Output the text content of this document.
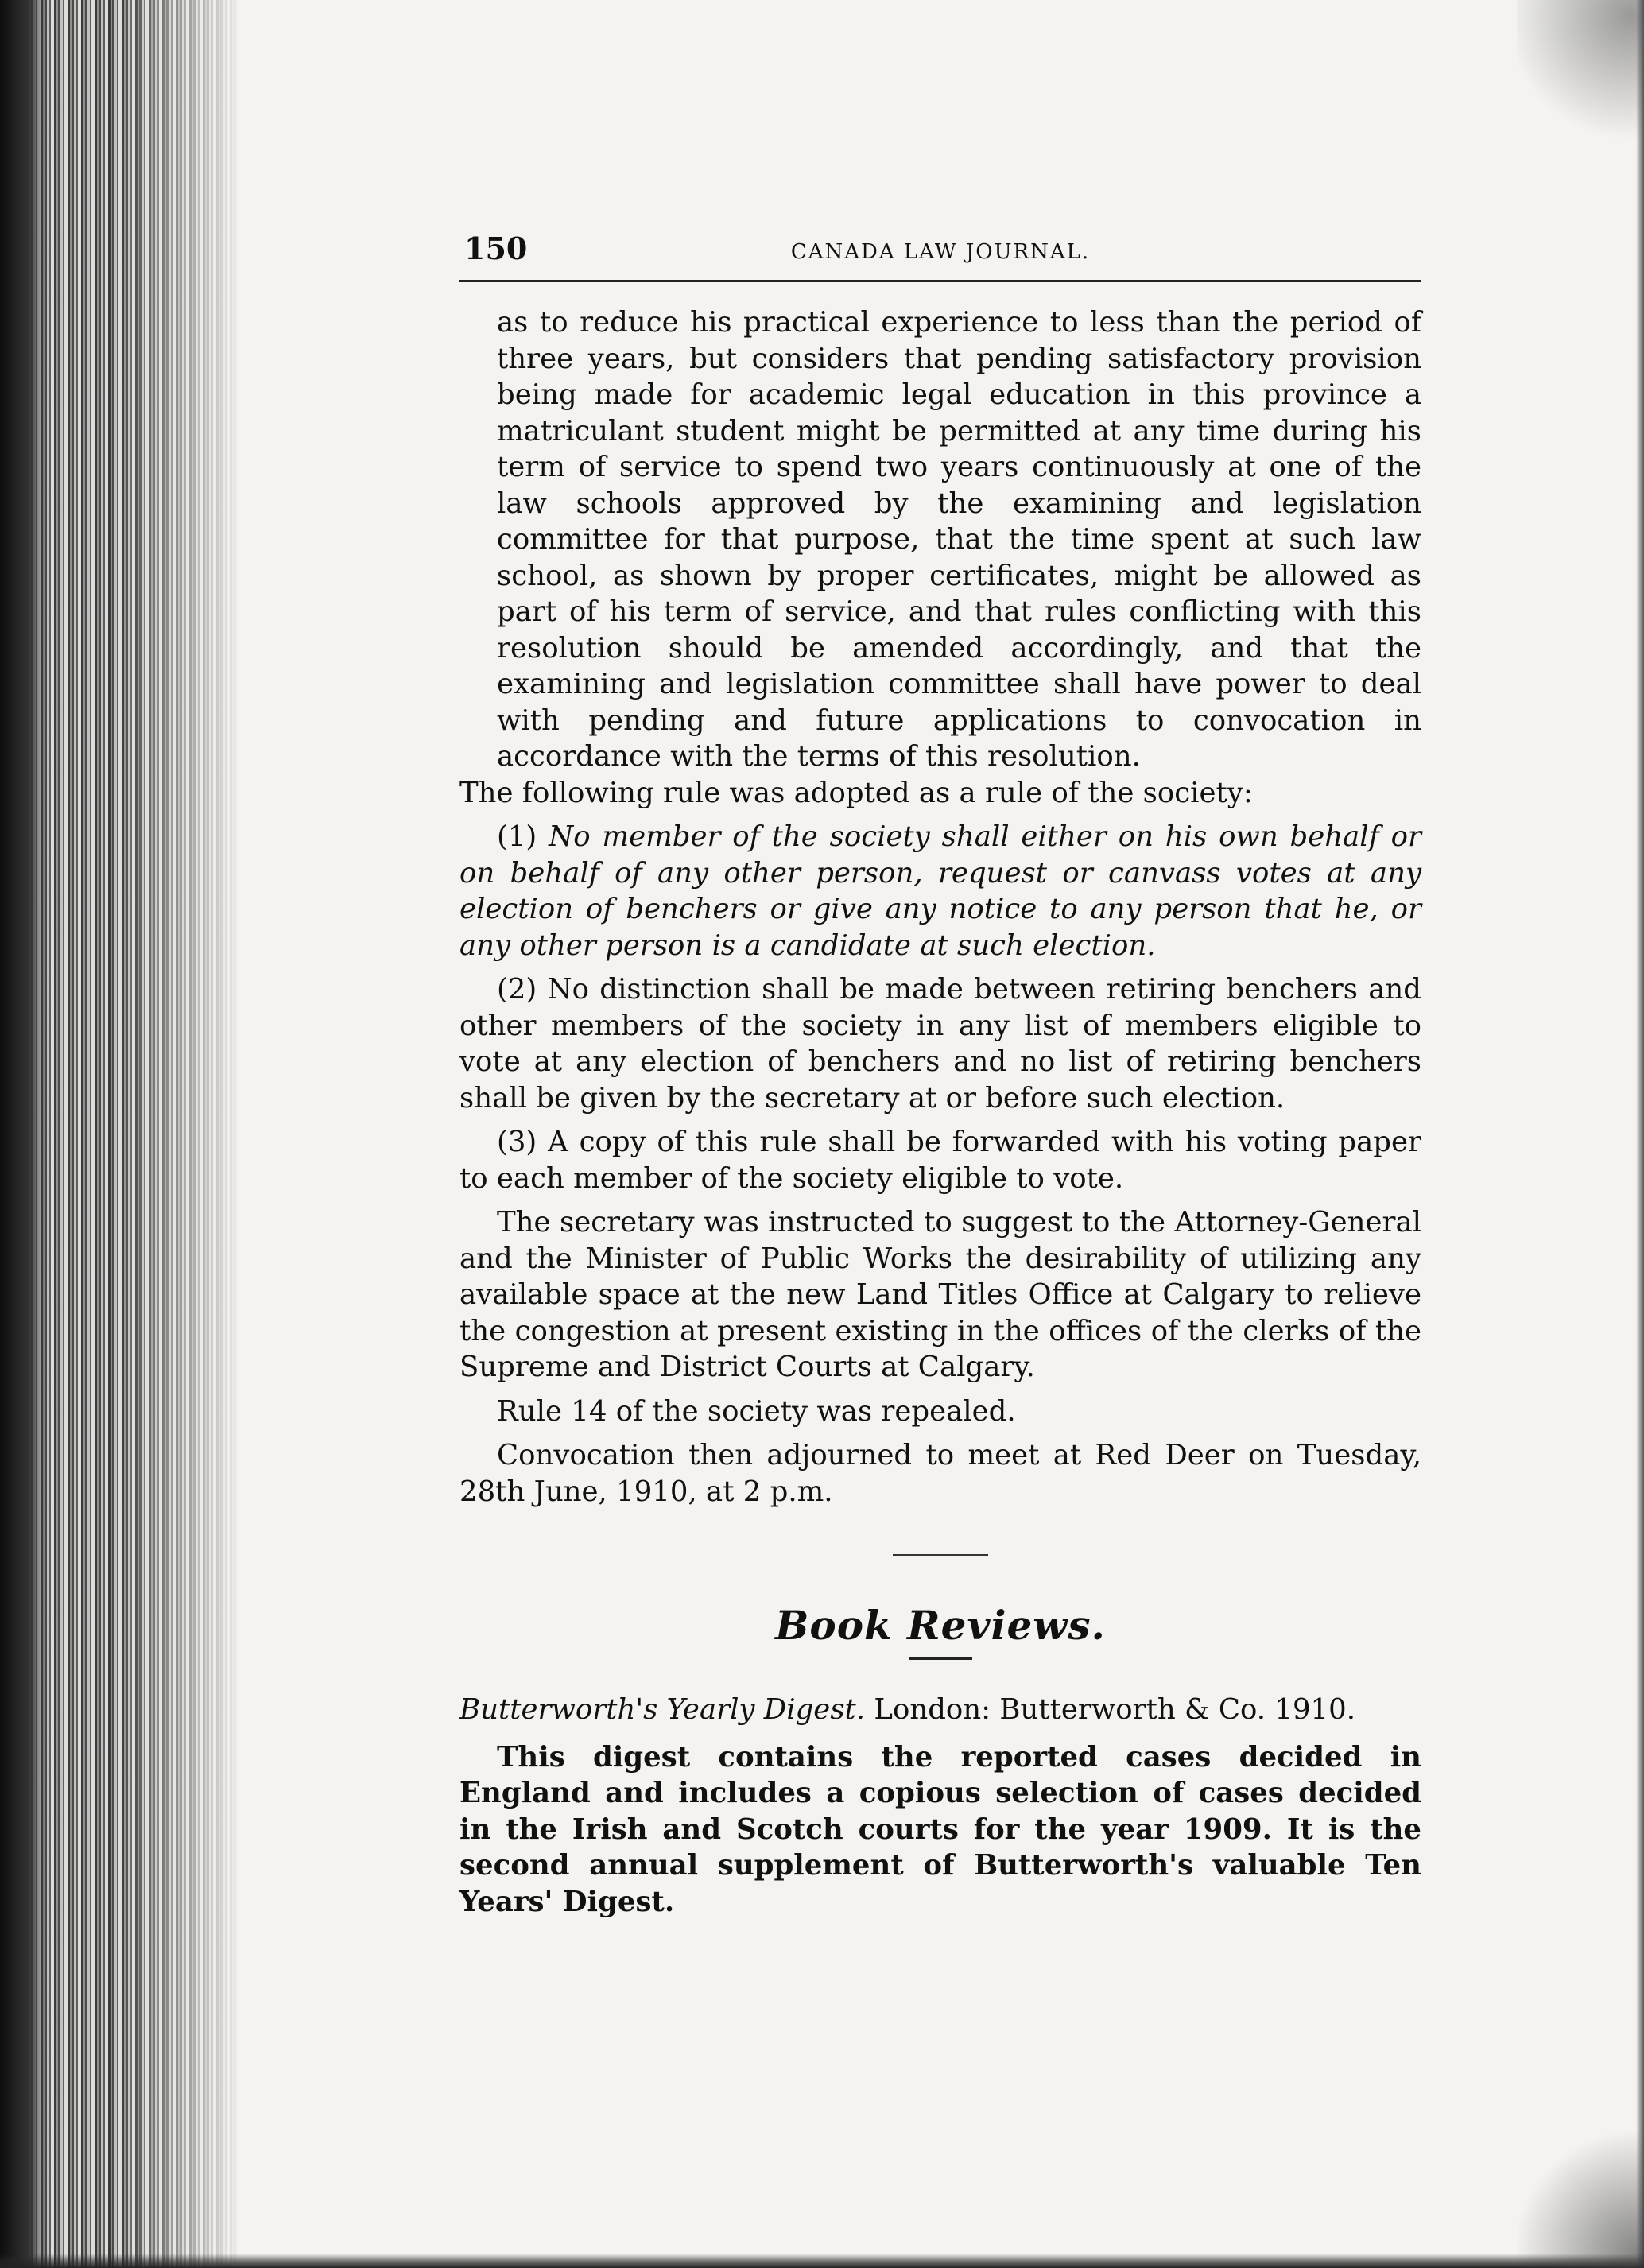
150	CANADA LAW JOURNAL.

as to reduce his practical experience to less than the period of three years, but considers that pending satisfactory provision being made for academic legal education in this province a matriculant student might be permitted at any time during his term of service to spend two years continuously at one of the law schools approved by the examining and legislation committee for that purpose, that the time spent at such law school, as shown by proper certificates, might be allowed as part of his term of service, and that rules conflicting with this resolution should be amended accordingly, and that the examining and legislation committee shall have power to deal with pending and future applications to convocation in accordance with the terms of this resolution.

The following rule was adopted as a rule of the society:

(1) No member of the society shall either on his own behalf or on behalf of any other person, request or canvass votes at any election of benchers or give any notice to any person that he, or any other person is a candidate at such election.

(2) No distinction shall be made between retiring benchers and other members of the society in any list of members eligible to vote at any election of benchers and no list of retiring benchers shall be given by the secretary at or before such election.

(3) A copy of this rule shall be forwarded with his voting paper to each member of the society eligible to vote.

The secretary was instructed to suggest to the Attorney-General and the Minister of Public Works the desirability of utilizing any available space at the new Land Titles Office at Calgary to relieve the congestion at present existing in the offices of the clerks of the Supreme and District Courts at Calgary.

Rule 14 of the society was repealed.

Convocation then adjourned to meet at Red Deer on Tuesday, 28th June, 1910, at 2 p.m.

Book Reviews.
Butterworth's Yearly Digest. London: Butterworth & Co. 1910.

This digest contains the reported cases decided in England and includes a copious selection of cases decided in the Irish and Scotch courts for the year 1909. It is the second annual supplement of Butterworth's valuable Ten Years' Digest.
